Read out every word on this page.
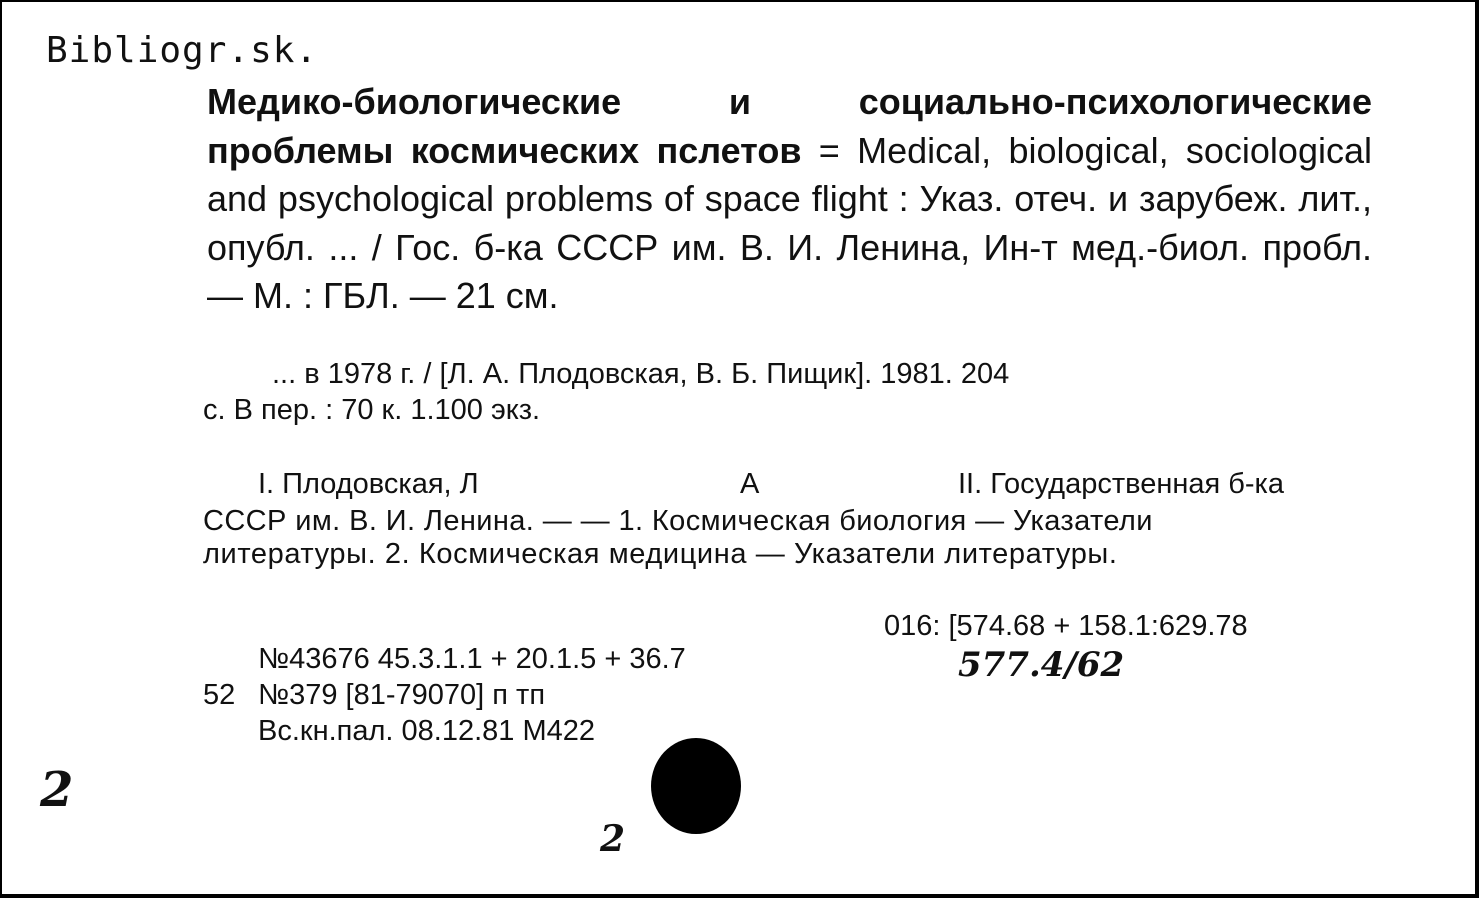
Bibliogr.sk.
Медико-биологические и социально-психологические проблемы космических пслетов = Medical, biological, sociological and psychological problems of space flight : Указ. отеч. и зарубеж. лит., опубл. ... / Гос. б-ка СССР им. В. И. Ленина, Ин-т мед.-биол. пробл. — М. : ГБЛ. — 21 см.
... в 1978 г. / [Л. А. Плодовская, В. Б. Пищик]. 1981. 204
с. В пер. : 70 к. 1.100 экз.
I. Плодовская, Л	А	II. Государственная б-ка
СССР им. В. И. Ленина. — — 1. Космическая биология — Указатели
литературы. 2. Космическая медицина — Указатели литературы.
016: [574.68 + 158.1:629.78
577.4/62
№43676 45.3.1.1 + 20.1.5 + 36.7
52 №379 [81-79070] п тп
Вс.кн.пал. 08.12.81 М422
2
2
